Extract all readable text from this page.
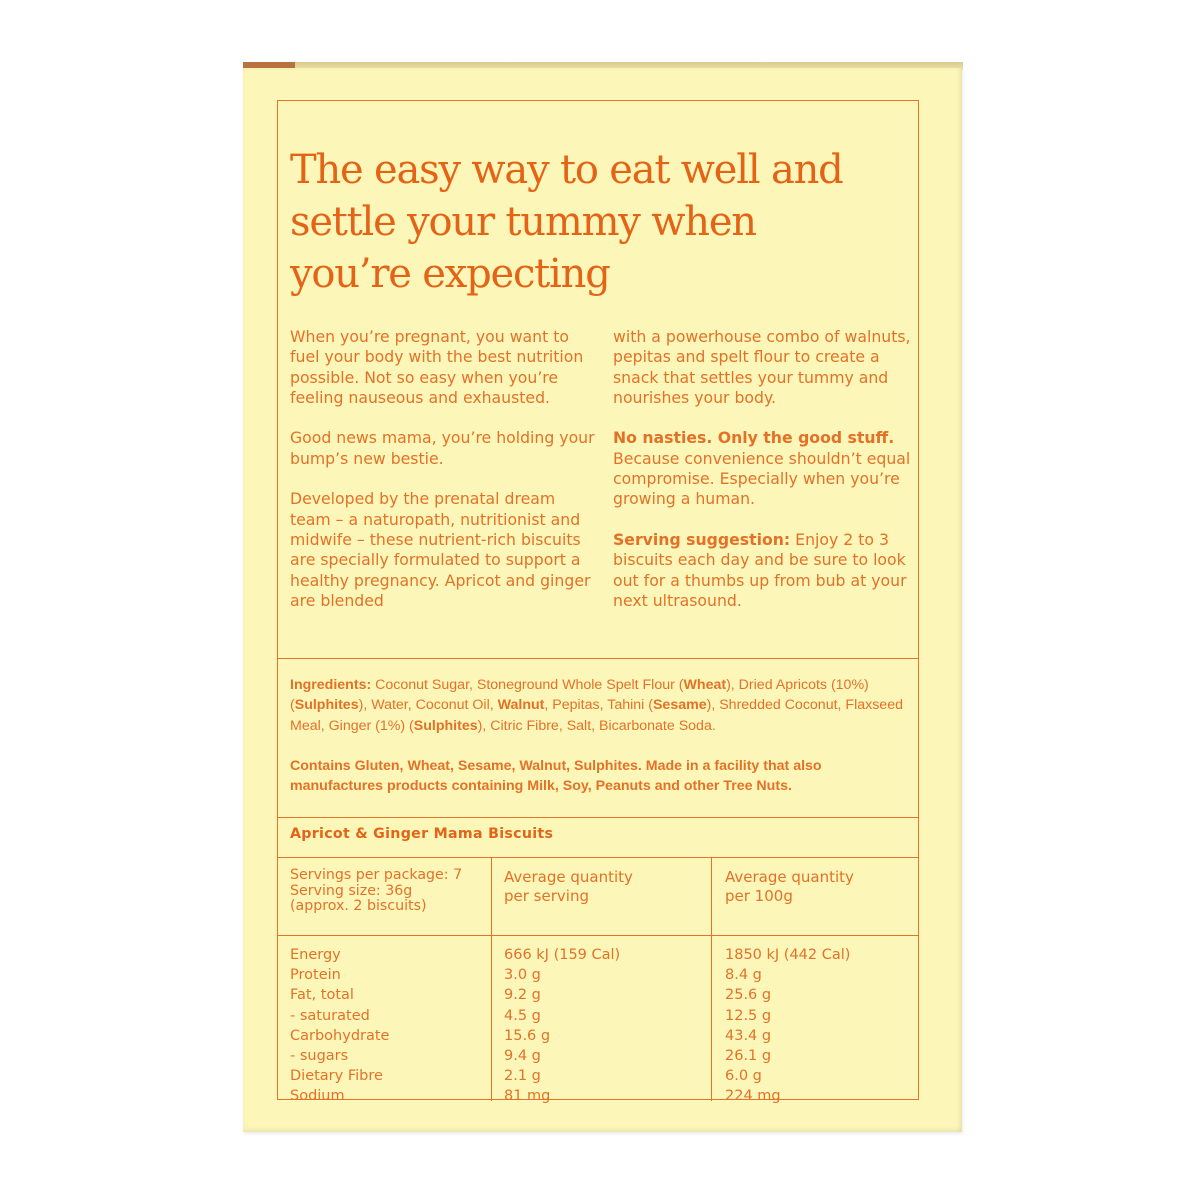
The easy way to eat well and
settle your tummy when
you’re expecting

When you’re pregnant, you want to fuel your body with the best nutrition possible. Not so easy when you’re feeling nauseous and exhausted.

Good news mama, you’re holding your bump’s new bestie.

Developed by the prenatal dream team – a naturopath, nutritionist and midwife – these nutrient-rich biscuits are specially formulated to support a healthy pregnancy. Apricot and ginger are blended

with a powerhouse combo of walnuts, pepitas and spelt flour to create a snack that settles your tummy and nourishes your body.

No nasties. Only the good stuff.
Because convenience shouldn’t equal compromise. Especially when you’re growing a human.

Serving suggestion: Enjoy 2 to 3 biscuits each day and be sure to look out for a thumbs up from bub at your next ultrasound.

Ingredients: Coconut Sugar, Stoneground Whole Spelt Flour (Wheat), Dried Apricots (10%) (Sulphites), Water, Coconut Oil, Walnut, Pepitas, Tahini (Sesame), Shredded Coconut, Flaxseed Meal, Ginger (1%) (Sulphites), Citric Fibre, Salt, Bicarbonate Soda.

Contains Gluten, Wheat, Sesame, Walnut, Sulphites. Made in a facility that also manufactures products containing Milk, Soy, Peanuts and other Tree Nuts.

Apricot & Ginger Mama Biscuits
Servings per package: 7
Serving size: 36g
(approx. 2 biscuits)
Average quantity
per serving
Average quantity
per 100g
Energy
Protein
Fat, total
- saturated
Carbohydrate
- sugars
Dietary Fibre
Sodium
666 kJ (159 Cal)
3.0 g
9.2 g
4.5 g
15.6 g
9.4 g
2.1 g
81 mg
1850 kJ (442 Cal)
8.4 g
25.6 g
12.5 g
43.4 g
26.1 g
6.0 g
224 mg
